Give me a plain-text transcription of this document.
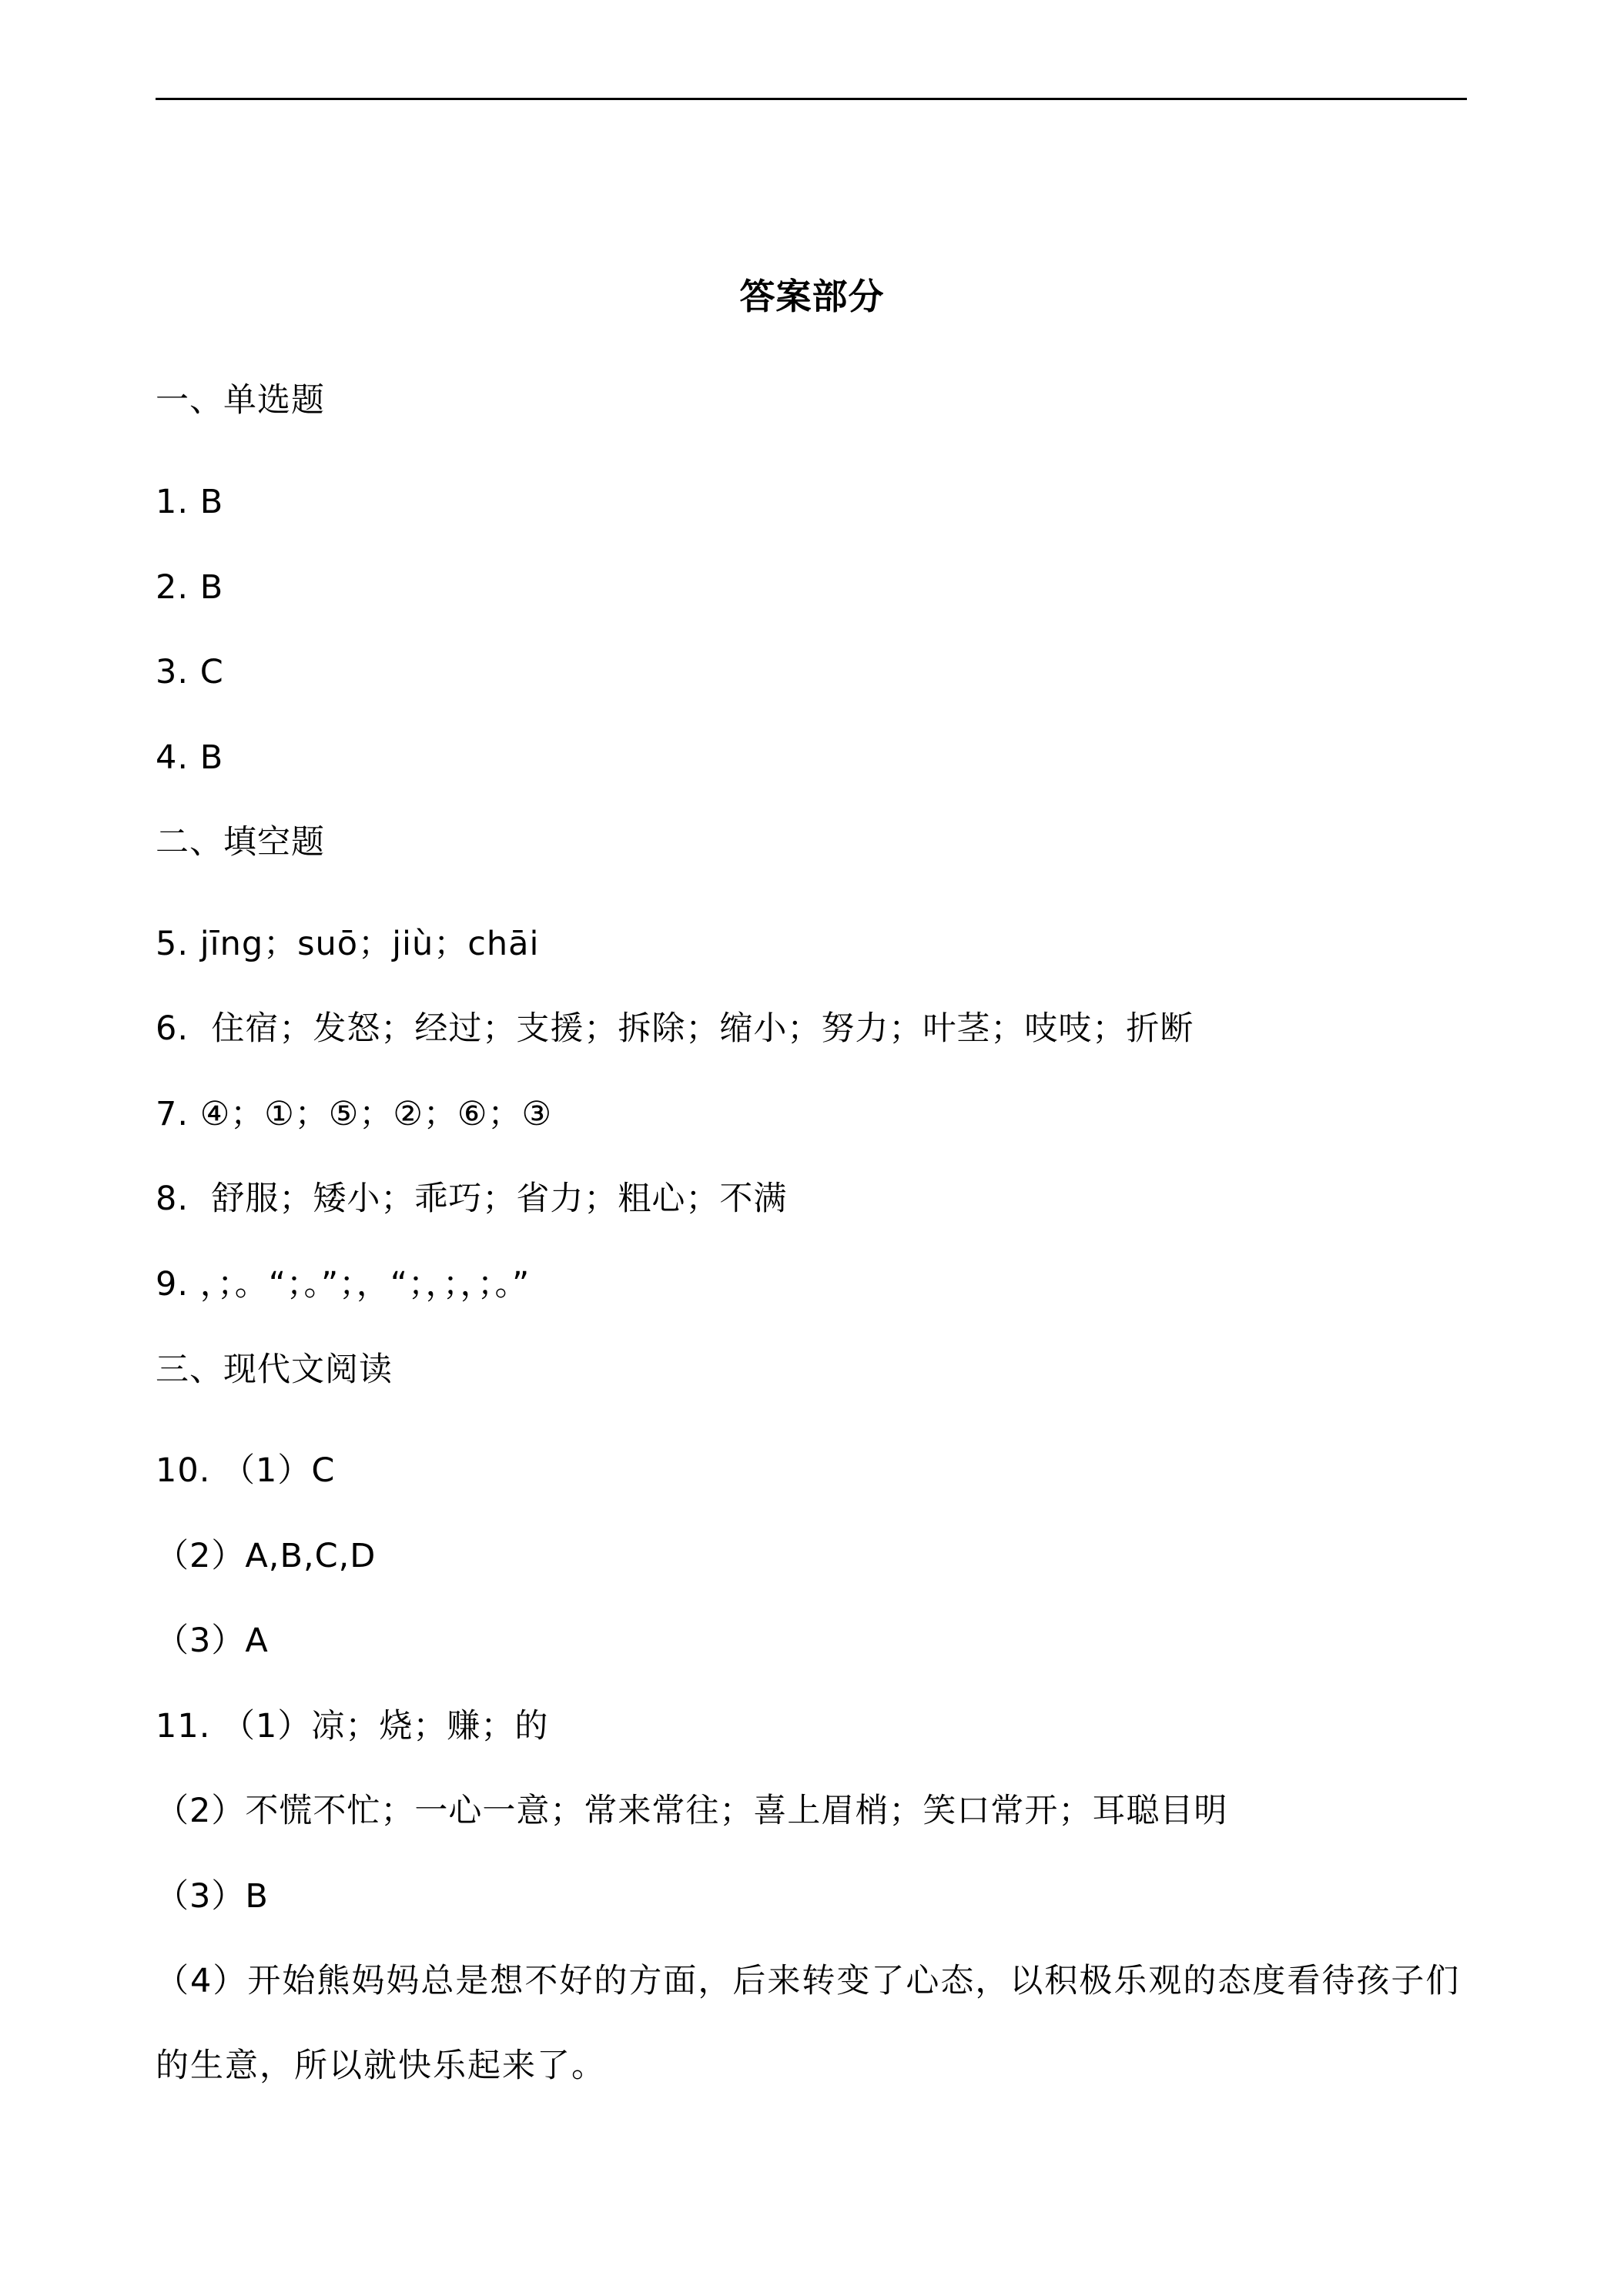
答案部分
一、单选题
1. B
2. B
3. C
4. B
二、填空题
5. jīng；suō；jiù；chāi
6.  住宿；发怒；经过；支援；拆除；缩小；努力；叶茎；吱吱；折断
7. ④；①；⑤；②；⑥；③
8.  舒服；矮小；乖巧；省力；粗心；不满
9. ，；。“；。”；，“；，；，；。”
三、现代文阅读
10. （1）C
（2）A,B,C,D
（3）A
11. （1）凉；烧；赚；的
（2）不慌不忙；一心一意；常来常往；喜上眉梢；笑口常开；耳聪目明
（3）B
（4）开始熊妈妈总是想不好的方面，后来转变了心态，以积极乐观的态度看待孩子们的生意，所以就快乐起来了。
